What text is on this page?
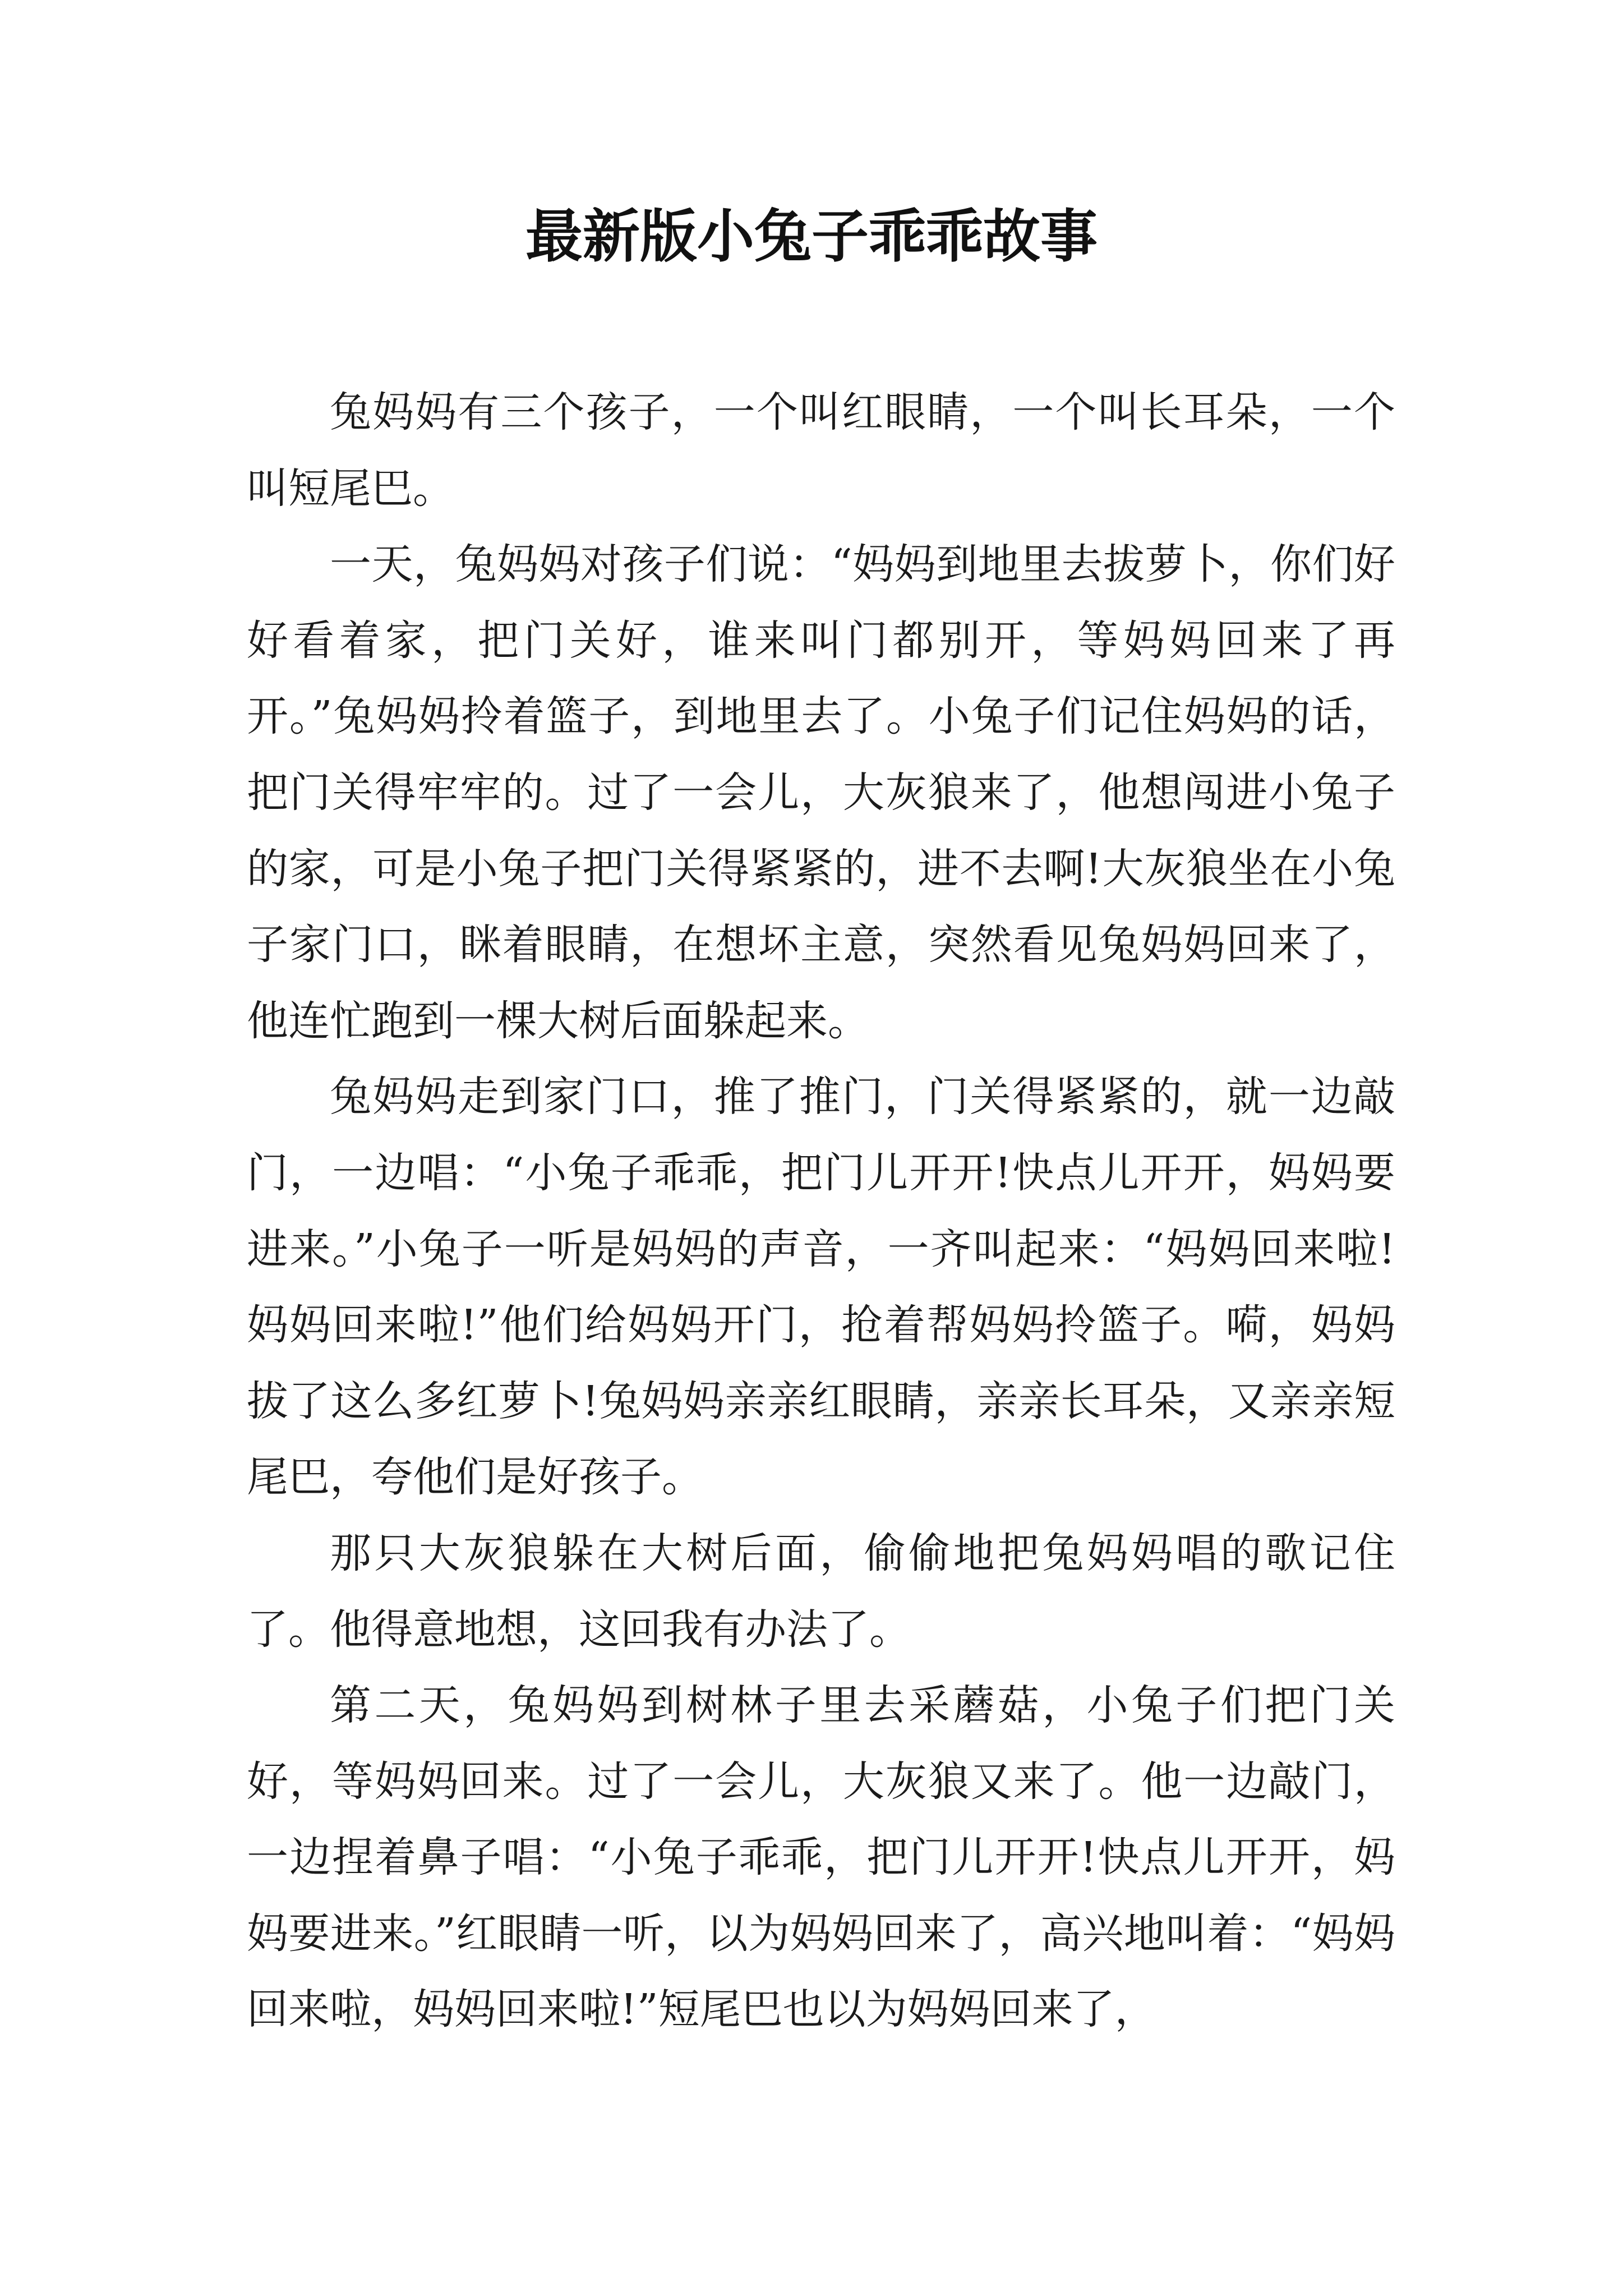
最新版小兔子乖乖故事

兔妈妈有三个孩子，一个叫红眼睛，一个叫长耳朵，一个叫短尾巴。

一天，兔妈妈对孩子们说：“妈妈到地里去拔萝卜，你们好好看着家，把门关好，谁来叫门都别开，等妈妈回来了再开。”兔妈妈拎着篮子，到地里去了。小兔子们记住妈妈的话，把门关得牢牢的。过了一会儿，大灰狼来了，他想闯进小兔子的家，可是小兔子把门关得紧紧的，进不去啊!大灰狼坐在小兔子家门口，眯着眼睛，在想坏主意，突然看见兔妈妈回来了，他连忙跑到一棵大树后面躲起来。

兔妈妈走到家门口，推了推门，门关得紧紧的，就一边敲门，一边唱：“小兔子乖乖，把门儿开开!快点儿开开，妈妈要进来。”小兔子一听是妈妈的声音，一齐叫起来：“妈妈回来啦!妈妈回来啦!”他们给妈妈开门，抢着帮妈妈拎篮子。嗬，妈妈拔了这么多红萝卜!兔妈妈亲亲红眼睛，亲亲长耳朵，又亲亲短尾巴，夸他们是好孩子。

那只大灰狼躲在大树后面，偷偷地把兔妈妈唱的歌记住了。他得意地想，这回我有办法了。

第二天，兔妈妈到树林子里去采蘑菇，小兔子们把门关好，等妈妈回来。过了一会儿，大灰狼又来了。他一边敲门，一边捏着鼻子唱：“小兔子乖乖，把门儿开开!快点儿开开，妈妈要进来。”红眼睛一听，以为妈妈回来了，高兴地叫着：“妈妈回来啦，妈妈回来啦!”短尾巴也以为妈妈回来了，
